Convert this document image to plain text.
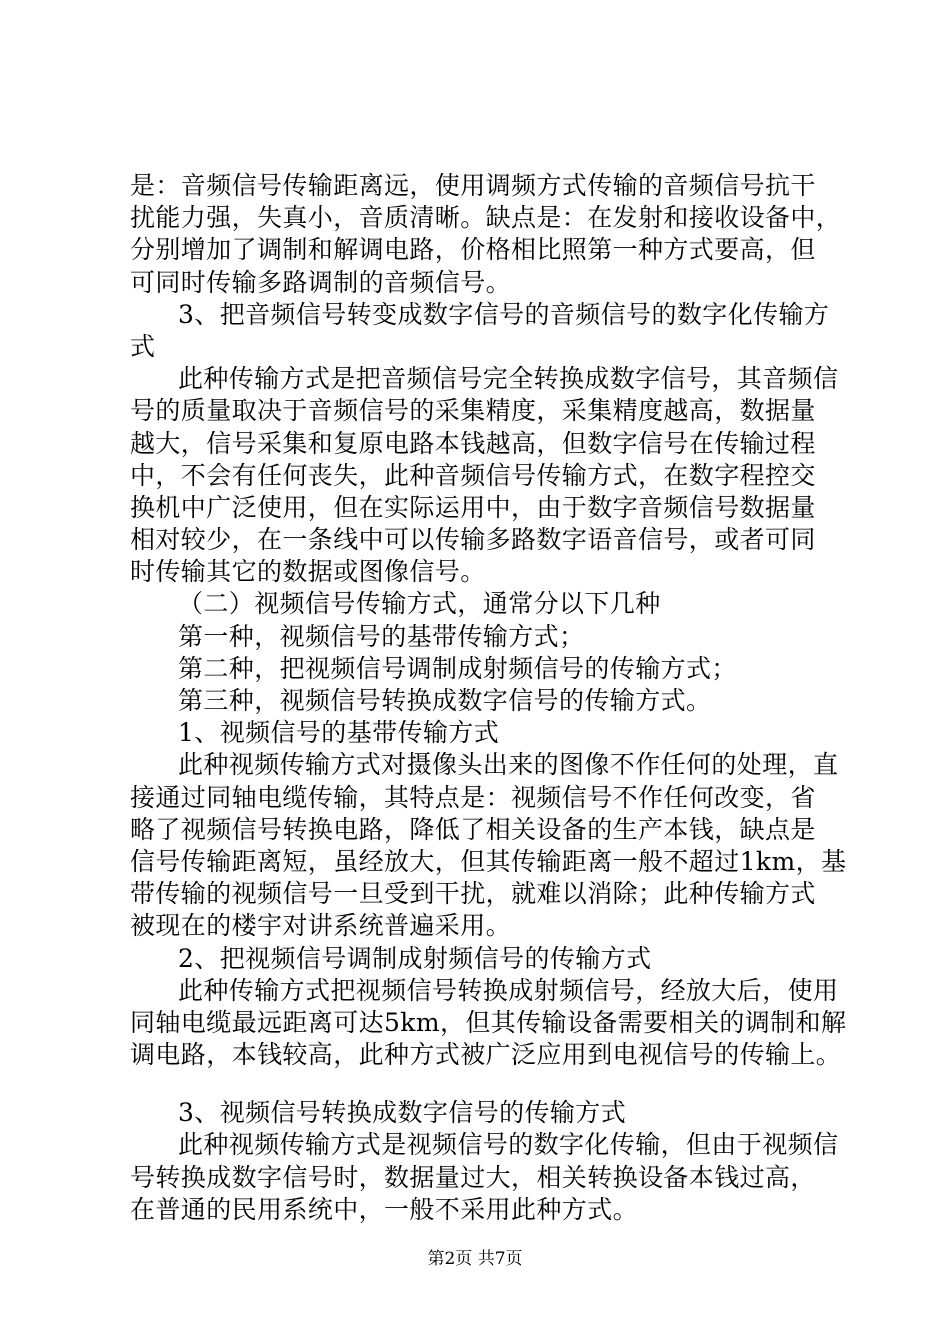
是：音频信号传输距离远，使用调频方式传输的音频信号抗干
扰能力强，失真小，音质清晰。缺点是：在发射和接收设备中，
分别增加了调制和解调电路，价格相比照第一种方式要高，但
可同时传输多路调制的音频信号。
3、把音频信号转变成数字信号的音频信号的数字化传输方
式
此种传输方式是把音频信号完全转换成数字信号，其音频信
号的质量取决于音频信号的采集精度，采集精度越高，数据量
越大，信号采集和复原电路本钱越高，但数字信号在传输过程
中，不会有任何丧失，此种音频信号传输方式，在数字程控交
换机中广泛使用，但在实际运用中，由于数字音频信号数据量
相对较少，在一条线中可以传输多路数字语音信号，或者可同
时传输其它的数据或图像信号。
（二）视频信号传输方式，通常分以下几种
第一种，视频信号的基带传输方式；
第二种，把视频信号调制成射频信号的传输方式；
第三种，视频信号转换成数字信号的传输方式。
1、视频信号的基带传输方式
此种视频传输方式对摄像头出来的图像不作任何的处理，直
接通过同轴电缆传输，其特点是：视频信号不作任何改变，省
略了视频信号转换电路，降低了相关设备的生产本钱，缺点是
信号传输距离短，虽经放大，但其传输距离一般不超过1km，基
带传输的视频信号一旦受到干扰，就难以消除；此种传输方式
被现在的楼宇对讲系统普遍采用。
2、把视频信号调制成射频信号的传输方式
此种传输方式把视频信号转换成射频信号，经放大后，使用
同轴电缆最远距离可达5km，但其传输设备需要相关的调制和解
调电路，本钱较高，此种方式被广泛应用到电视信号的传输上。
3、视频信号转换成数字信号的传输方式
此种视频传输方式是视频信号的数字化传输，但由于视频信
号转换成数字信号时，数据量过大，相关转换设备本钱过高，
在普通的民用系统中，一般不采用此种方式。
第2页 共7页
